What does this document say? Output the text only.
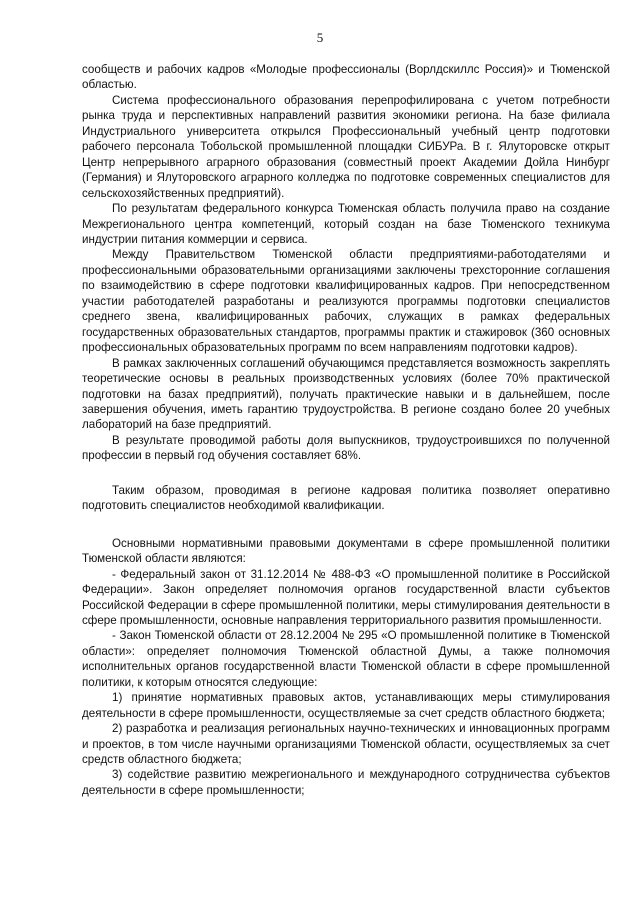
5

сообществ и рабочих кадров «Молодые профессионалы (Ворлдскиллс Россия)» и Тюменской областью.

Система профессионального образования перепрофилирована с учетом потребности рынка труда и перспективных направлений развития экономики региона. На базе филиала Индустриального университета открылся Профессиональный учебный центр подготовки рабочего персонала Тобольской промышленной площадки СИБУРа. В г. Ялуторовске открыт Центр непрерывного аграрного образования (совместный проект Академии Дойла Нинбург (Германия) и Ялуторовского аграрного колледжа по подготовке современных специалистов для сельскохозяйственных предприятий).

По результатам федерального конкурса Тюменская область получила право на создание Межрегионального центра компетенций, который создан на базе Тюменского техникума индустрии питания коммерции и сервиса.

Между Правительством Тюменской области предприятиями-работодателями и профессиональными образовательными организациями заключены трехсторонние соглашения по взаимодействию в сфере подготовки квалифицированных кадров. При непосредственном участии работодателей разработаны и реализуются программы подготовки специалистов среднего звена, квалифицированных рабочих, служащих в рамках федеральных государственных образовательных стандартов, программы практик и стажировок (360 основных профессиональных образовательных программ по всем направлениям подготовки кадров).

В рамках заключенных соглашений обучающимся представляется возможность закреплять теоретические основы в реальных производственных условиях (более 70% практической подготовки на базах предприятий), получать практические навыки и в дальнейшем, после завершения обучения, иметь гарантию трудоустройства. В регионе создано более 20 учебных лабораторий на базе предприятий.

В результате проводимой работы доля выпускников, трудоустроившихся по полученной профессии в первый год обучения составляет 68%.

Таким образом, проводимая в регионе кадровая политика позволяет оперативно подготовить специалистов необходимой квалификации.

Основными нормативными правовыми документами в сфере промышленной политики Тюменской области являются:

- Федеральный закон от 31.12.2014 № 488-ФЗ «О промышленной политике в Российской Федерации». Закон определяет полномочия органов государственной власти субъектов Российской Федерации в сфере промышленной политики, меры стимулирования деятельности в сфере промышленности, основные направления территориального развития промышленности.

- Закон Тюменской области от 28.12.2004 № 295 «О промышленной политике в Тюменской области»: определяет полномочия Тюменской областной Думы, а также полномочия исполнительных органов государственной власти Тюменской области в сфере промышленной политики, к которым относятся следующие:

1) принятие нормативных правовых актов, устанавливающих меры стимулирования деятельности в сфере промышленности, осуществляемые за счет средств областного бюджета;

2) разработка и реализация региональных научно-технических и инновационных программ и проектов, в том числе научными организациями Тюменской области, осуществляемых за счет средств областного бюджета;

3) содействие развитию межрегионального и международного сотрудничества субъектов деятельности в сфере промышленности;
